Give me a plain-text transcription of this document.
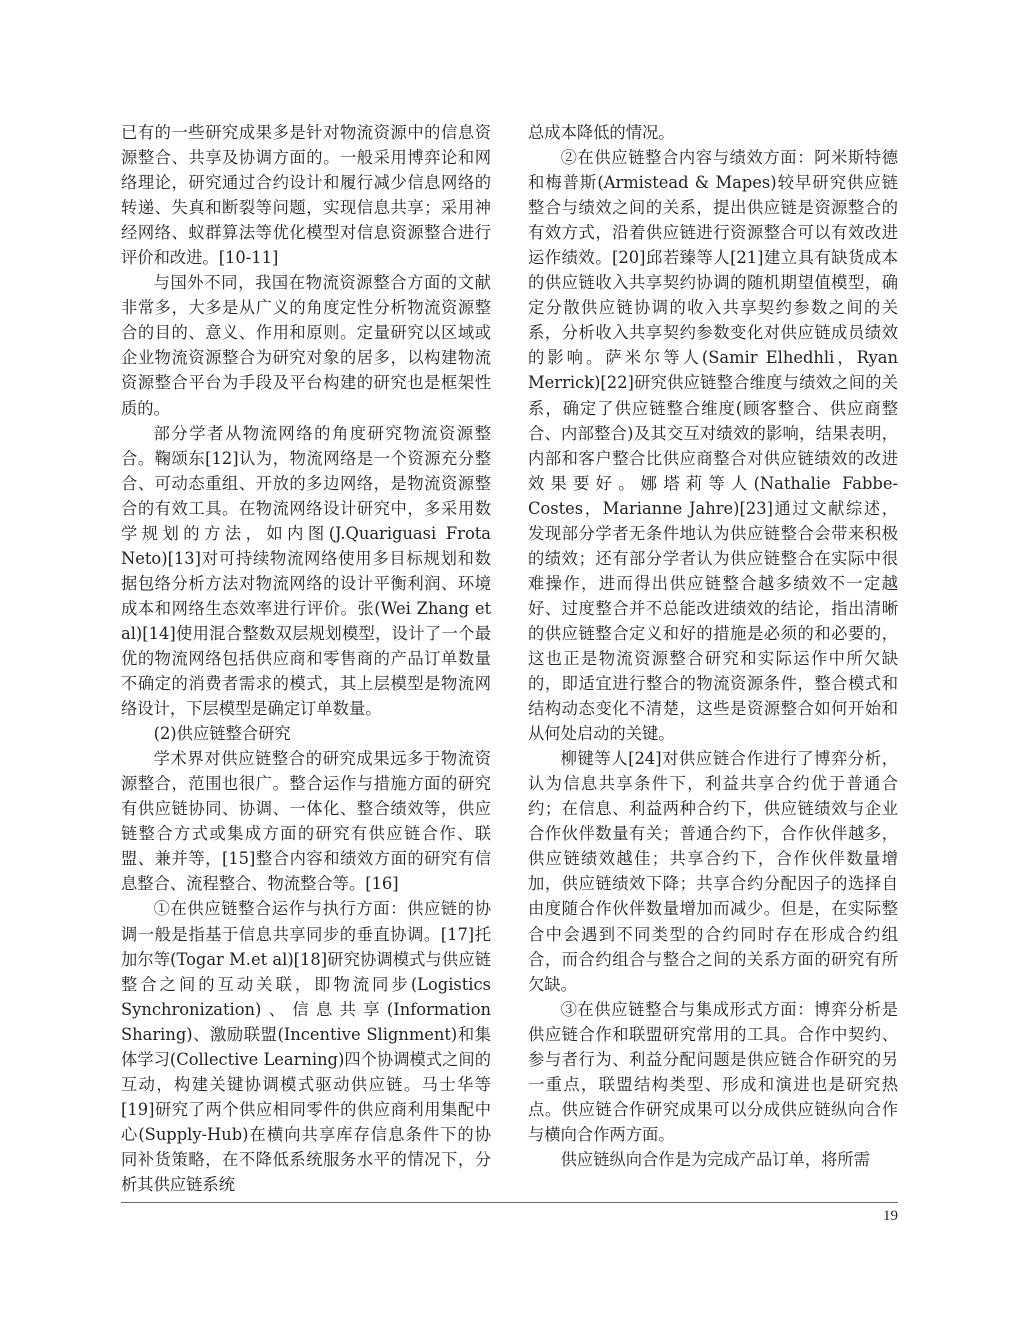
已有的一些研究成果多是针对物流资源中的信息资源整合、共享及协调方面的。一般采用博弈论和网络理论，研究通过合约设计和履行减少信息网络的转递、失真和断裂等问题，实现信息共享；采用神经网络、蚁群算法等优化模型对信息资源整合进行评价和改进。[10-11]

与国外不同，我国在物流资源整合方面的文献非常多，大多是从广义的角度定性分析物流资源整合的目的、意义、作用和原则。定量研究以区域或企业物流资源整合为研究对象的居多，以构建物流资源整合平台为手段及平台构建的研究也是框架性质的。

部分学者从物流网络的角度研究物流资源整合。鞠颂东[12]认为，物流网络是一个资源充分整合、可动态重组、开放的多边网络，是物流资源整合的有效工具。在物流网络设计研究中，多采用数学规划的方法，如内图(J.Quariguasi Frota Neto)[13]对可持续物流网络使用多目标规划和数据包络分析方法对物流网络的设计平衡利润、环境成本和网络生态效率进行评价。张(Wei Zhang et al)[14]使用混合整数双层规划模型，设计了一个最优的物流网络包括供应商和零售商的产品订单数量不确定的消费者需求的模式，其上层模型是物流网络设计，下层模型是确定订单数量。

(2)供应链整合研究

学术界对供应链整合的研究成果远多于物流资源整合，范围也很广。整合运作与措施方面的研究有供应链协同、协调、一体化、整合绩效等，供应链整合方式或集成方面的研究有供应链合作、联盟、兼并等，[15]整合内容和绩效方面的研究有信息整合、流程整合、物流整合等。[16]

①在供应链整合运作与执行方面：供应链的协调一般是指基于信息共享同步的垂直协调。[17]托加尔等(Togar M.et al)[18]研究协调模式与供应链整合之间的互动关联，即物流同步(Logistics Synchronization)、信息共享(Information Sharing)、激励联盟(Incentive Slignment)和集体学习(Collective Learning)四个协调模式之间的互动，构建关键协调模式驱动供应链。马士华等[19]研究了两个供应相同零件的供应商利用集配中心(Supply-Hub)在横向共享库存信息条件下的协同补货策略，在不降低系统服务水平的情况下，分析其供应链系统

总成本降低的情况。

②在供应链整合内容与绩效方面：阿米斯特德和梅普斯(Armistead & Mapes)较早研究供应链整合与绩效之间的关系，提出供应链是资源整合的有效方式，沿着供应链进行资源整合可以有效改进运作绩效。[20]邱若臻等人[21]建立具有缺货成本的供应链收入共享契约协调的随机期望值模型，确定分散供应链协调的收入共享契约参数之间的关系，分析收入共享契约参数变化对供应链成员绩效的影响。萨米尔等人(Samir Elhedhli，Ryan Merrick)[22]研究供应链整合维度与绩效之间的关系，确定了供应链整合维度(顾客整合、供应商整合、内部整合)及其交互对绩效的影响，结果表明，内部和客户整合比供应商整合对供应链绩效的改进效果要好。娜塔莉等人(Nathalie Fabbe-Costes，Marianne Jahre)[23]通过文献综述，发现部分学者无条件地认为供应链整合会带来积极的绩效；还有部分学者认为供应链整合在实际中很难操作，进而得出供应链整合越多绩效不一定越好、过度整合并不总能改进绩效的结论，指出清晰的供应链整合定义和好的措施是必须的和必要的，这也正是物流资源整合研究和实际运作中所欠缺的，即适宜进行整合的物流资源条件，整合模式和结构动态变化不清楚，这些是资源整合如何开始和从何处启动的关键。

柳键等人[24]对供应链合作进行了博弈分析，认为信息共享条件下，利益共享合约优于普通合约；在信息、利益两种合约下，供应链绩效与企业合作伙伴数量有关；普通合约下，合作伙伴越多，供应链绩效越佳；共享合约下，合作伙伴数量增加，供应链绩效下降；共享合约分配因子的选择自由度随合作伙伴数量增加而减少。但是，在实际整合中会遇到不同类型的合约同时存在形成合约组合，而合约组合与整合之间的关系方面的研究有所欠缺。

③在供应链整合与集成形式方面：博弈分析是供应链合作和联盟研究常用的工具。合作中契约、参与者行为、利益分配问题是供应链合作研究的另一重点，联盟结构类型、形成和演进也是研究热点。供应链合作研究成果可以分成供应链纵向合作与横向合作两方面。

供应链纵向合作是为完成产品订单，将所需

19
